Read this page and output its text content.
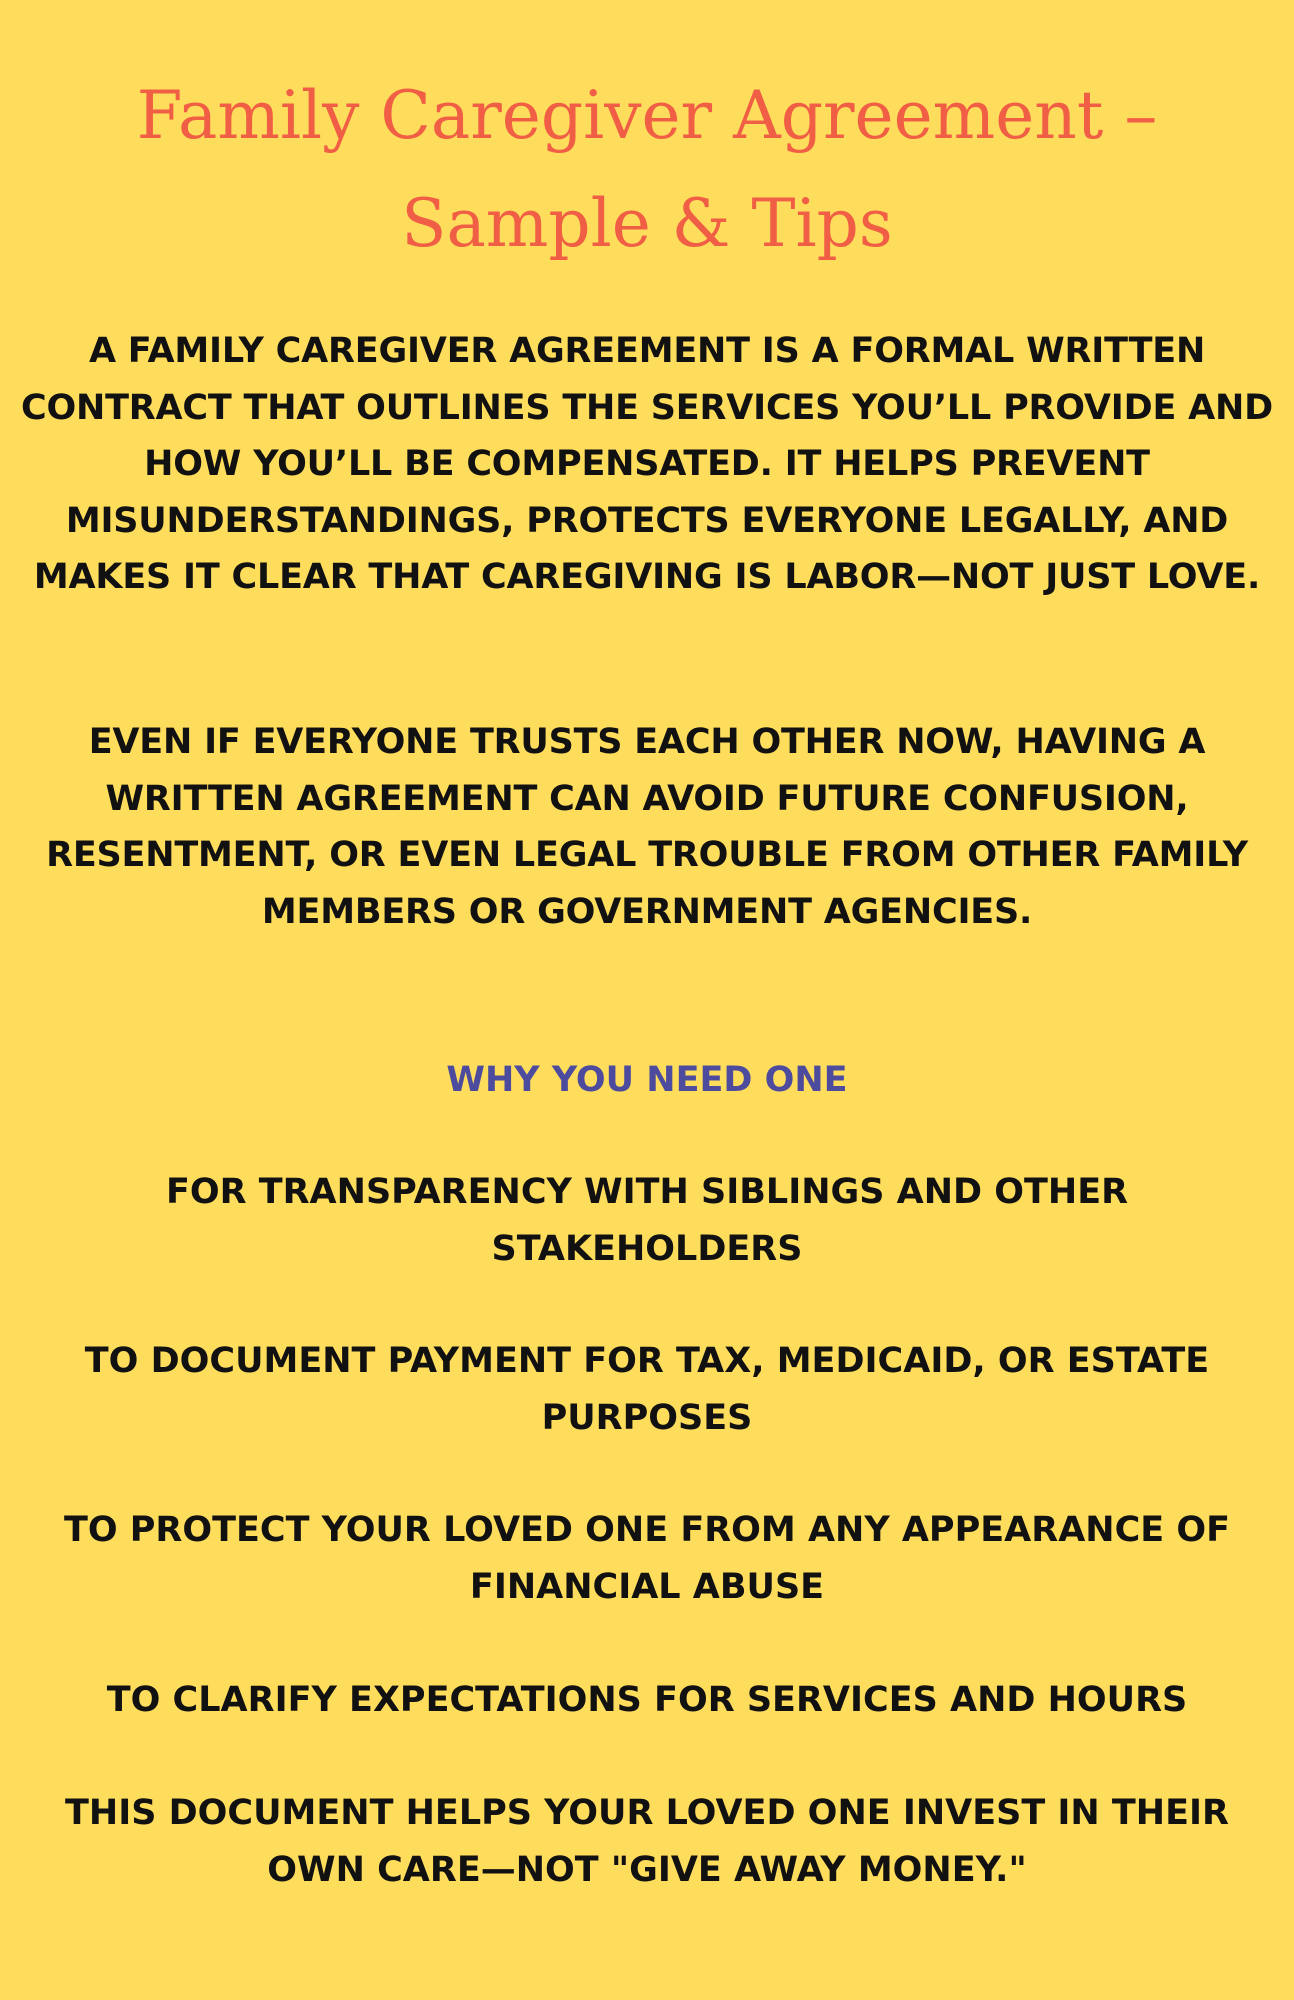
Family Caregiver Agreement –
Sample & Tips

A FAMILY CAREGIVER AGREEMENT IS A FORMAL WRITTEN
CONTRACT THAT OUTLINES THE SERVICES YOU’LL PROVIDE AND
HOW YOU’LL BE COMPENSATED. IT HELPS PREVENT
MISUNDERSTANDINGS, PROTECTS EVERYONE LEGALLY, AND
MAKES IT CLEAR THAT CAREGIVING IS LABOR—NOT JUST LOVE.

EVEN IF EVERYONE TRUSTS EACH OTHER NOW, HAVING A
WRITTEN AGREEMENT CAN AVOID FUTURE CONFUSION,
RESENTMENT, OR EVEN LEGAL TROUBLE FROM OTHER FAMILY
MEMBERS OR GOVERNMENT AGENCIES.

WHY YOU NEED ONE

FOR TRANSPARENCY WITH SIBLINGS AND OTHER
STAKEHOLDERS

TO DOCUMENT PAYMENT FOR TAX, MEDICAID, OR ESTATE
PURPOSES

TO PROTECT YOUR LOVED ONE FROM ANY APPEARANCE OF
FINANCIAL ABUSE

TO CLARIFY EXPECTATIONS FOR SERVICES AND HOURS

THIS DOCUMENT HELPS YOUR LOVED ONE INVEST IN THEIR
OWN CARE—NOT "GIVE AWAY MONEY."
